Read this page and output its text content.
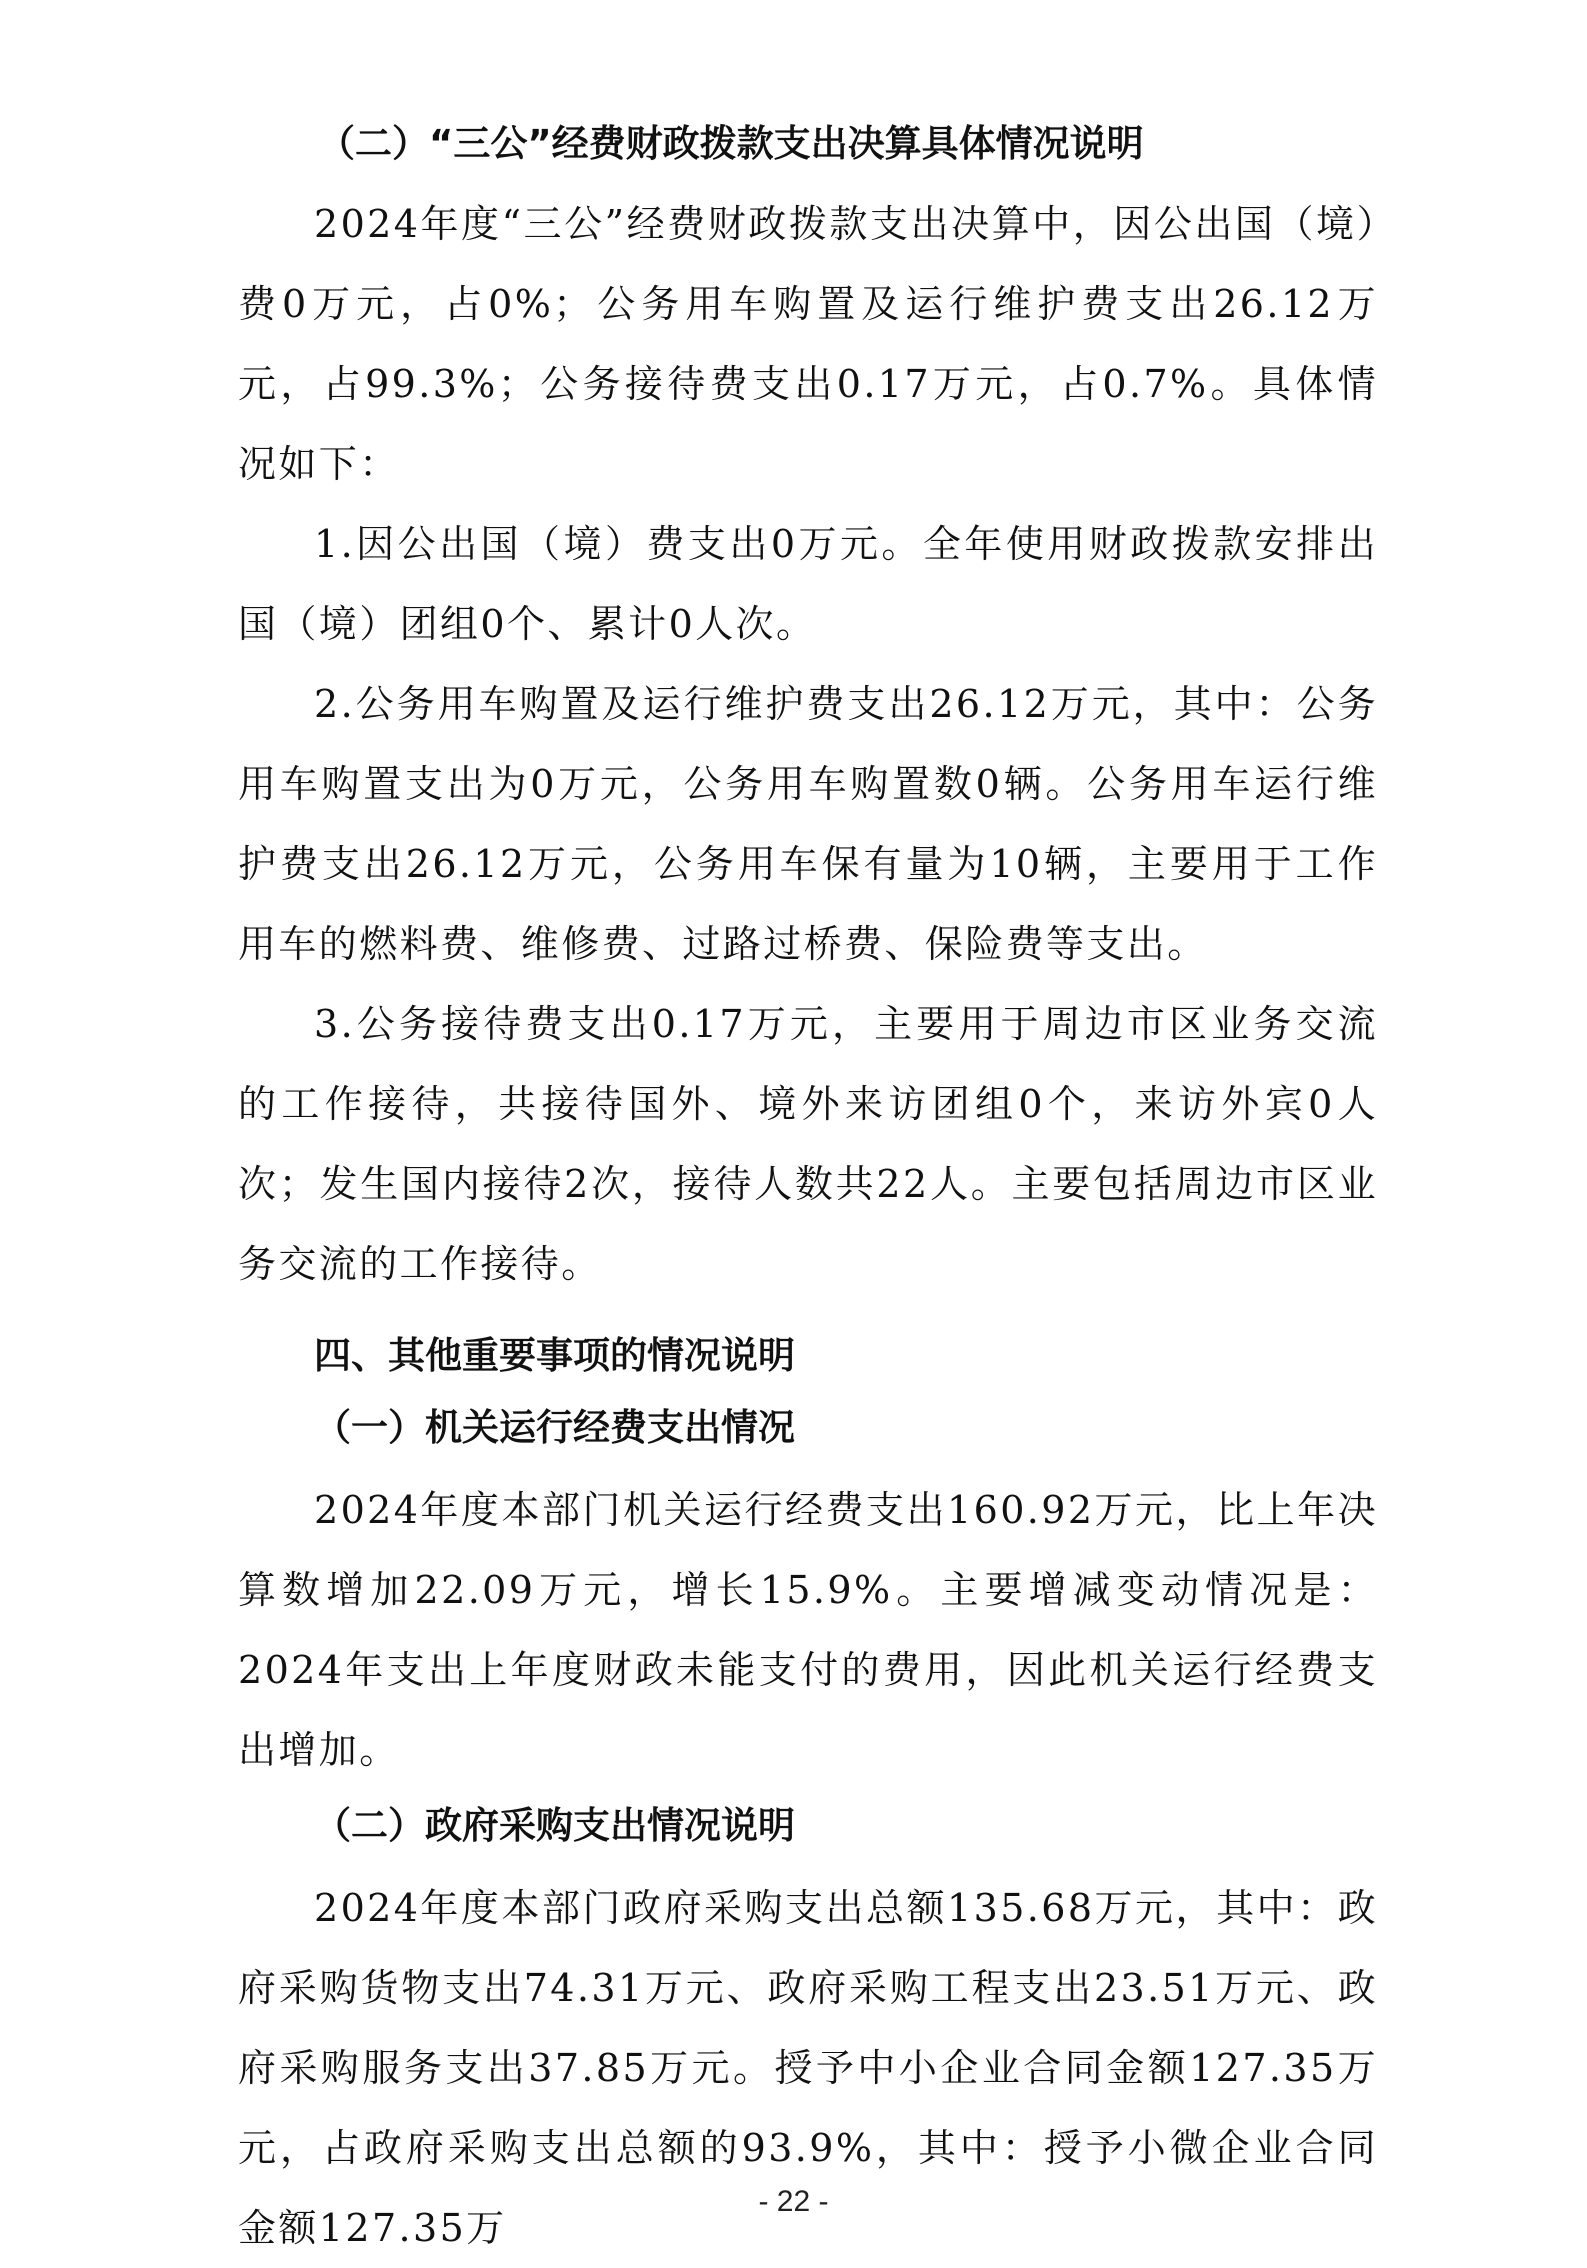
（二）“三公”经费财政拨款支出决算具体情况说明

2024年度“三公”经费财政拨款支出决算中，因公出国（境）费0万元，占0%；公务用车购置及运行维护费支出26.12万元，占99.3%；公务接待费支出0.17万元，占0.7%。具体情况如下：

1.因公出国（境）费支出0万元。全年使用财政拨款安排出国（境）团组0个、累计0人次。

2.公务用车购置及运行维护费支出26.12万元，其中：公务用车购置支出为0万元，公务用车购置数0辆。公务用车运行维护费支出26.12万元，公务用车保有量为10辆，主要用于工作用车的燃料费、维修费、过路过桥费、保险费等支出。

3.公务接待费支出0.17万元，主要用于周边市区业务交流的工作接待，共接待国外、境外来访团组0个，来访外宾0人次；发生国内接待2次，接待人数共22人。主要包括周边市区业务交流的工作接待。

四、其他重要事项的情况说明
（一）机关运行经费支出情况

2024年度本部门机关运行经费支出160.92万元，比上年决算数增加22.09万元，增长15.9%。主要增减变动情况是：2024年支出上年度财政未能支付的费用，因此机关运行经费支出增加。

（二）政府采购支出情况说明

2024年度本部门政府采购支出总额135.68万元，其中：政府采购货物支出74.31万元、政府采购工程支出23.51万元、政府采购服务支出37.85万元。授予中小企业合同金额127.35万元，占政府采购支出总额的93.9%，其中：授予小微企业合同金额127.35万

- 22 -
